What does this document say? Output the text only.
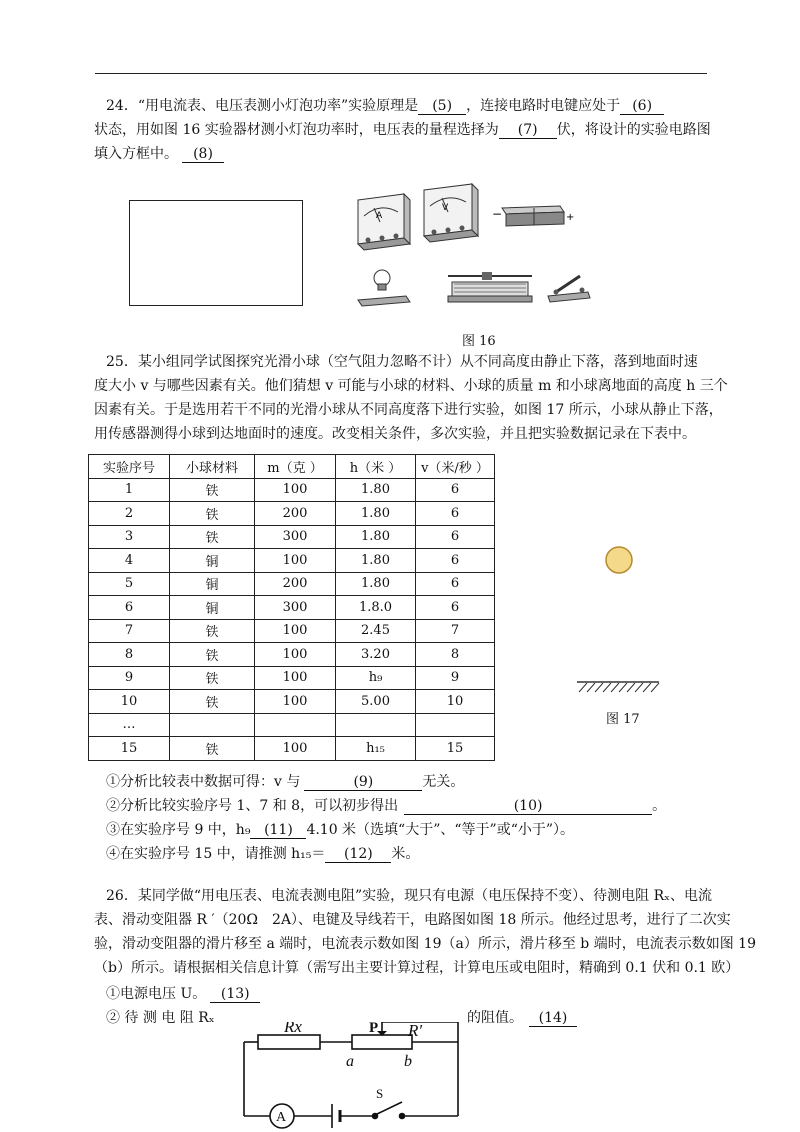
24．“用电流表、电压表测小灯泡功率”实验原理是 (5) ，连接电路时电键应处于 (6)

状态，用如图 16 实验器材测小灯泡功率时，电压表的量程选择为 (7) 伏，将设计的实验电路图

填入方框中。 (8)

A
V	−	+
图 16

25．某小组同学试图探究光滑小球（空气阻力忽略不计）从不同高度由静止下落，落到地面时速

度大小 v 与哪些因素有关。他们猜想 v 可能与小球的材料、小球的质量 m 和小球离地面的高度 h 三个

因素有关。于是选用若干不同的光滑小球从不同高度落下进行实验，如图 17 所示，小球从静止下落，

用传感器测得小球到达地面时的速度。改变相关条件，多次实验，并且把实验数据记录在下表中。

实验序号	小球材料	m（克 ）	h（米 ）	v（米/秒 ）
1	铁	100	1.80	6
2	铁	200	1.80	6
3	铁	300	1.80	6
4	铜	100	1.80	6
5	铜	200	1.80	6
6	铜	300	1.8.0	6
7	铁	100	2.45	7
8	铁	100	3.20	8
9	铁	100	h₉	9
10	铁	100	5.00	10
…				
15	铁	100	h₁₅	15
图 17

①分析比较表中数据可得：v 与	(9)	无关。

②分析比较实验序号 1、7 和 8，可以初步得出	(10)	。

③在实验序号 9 中，h₉ (11) 4.10 米（选填“大于”、“等于”或“小于”）。

④在实验序号 15 中，请推测 h₁₅＝ (12) 米。

26．某同学做“用电压表、电流表测电阻”实验，现只有电源（电压保持不变）、待测电阻 Rₓ、电流

表、滑动变阻器 R ′（20Ω　2A）、电键及导线若干，电路图如图 18 所示。他经过思考，进行了二次实

验，滑动变阻器的滑片移至 a 端时，电流表示数如图 19（a）所示，滑片移至 b 端时，电流表示数如图 19

（b）所示。请根据相关信息计算（需写出主要计算过程，计算电压或电阻时，精确到 0.1 伏和 0.1 欧）

①电源电压 U。 (13)

② 待 测 电 阻 Rₓ	的阻值。 (14)

Rx	P R′
a	b
S
A
